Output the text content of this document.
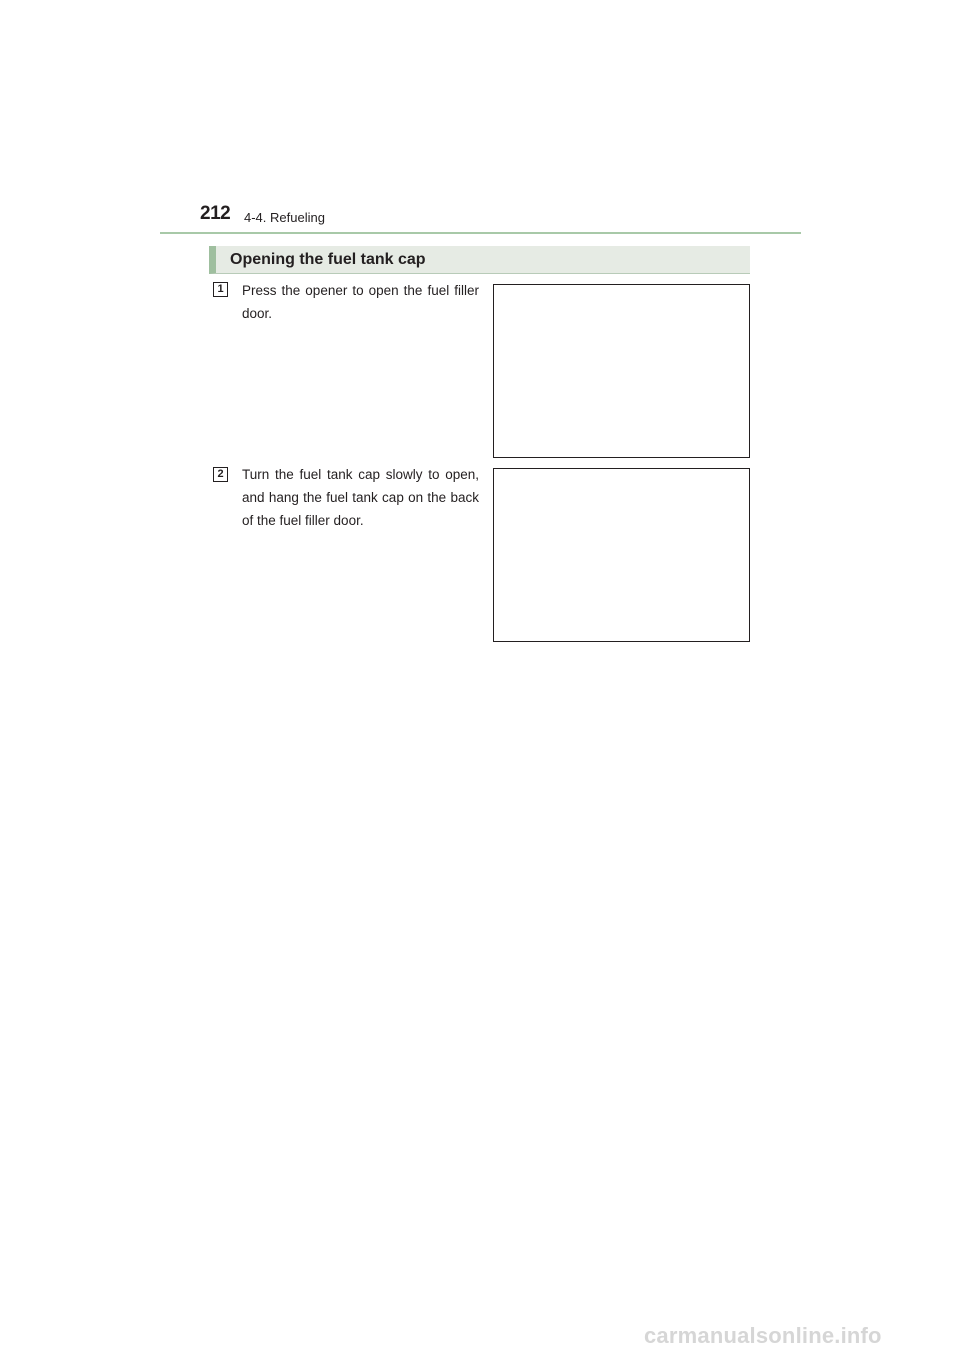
212 4-4. Refueling
Opening the fuel tank cap
1	Press the opener to open the fuel filler door.
2	Turn the fuel tank cap slowly to open, and hang the fuel tank cap on the back of the fuel filler door.
carmanualsonline.info
